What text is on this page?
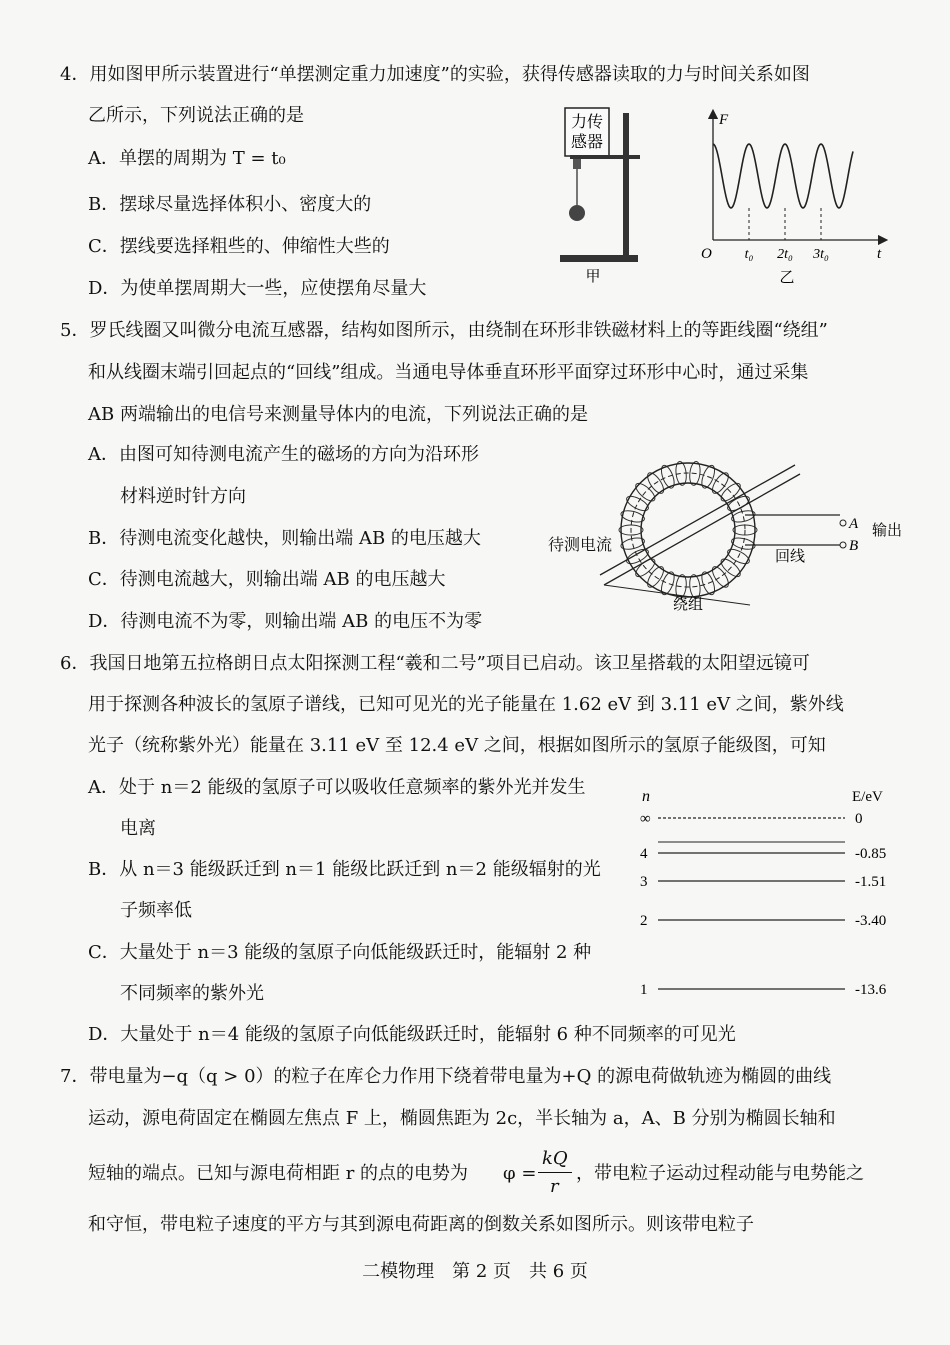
4．用如图甲所示装置进行“单摆测定重力加速度”的实验，获得传感器读取的力与时间关系如图
乙所示，下列说法正确的是
A．单摆的周期为 T = t₀
B．摆球尽量选择体积小、密度大的
C．摆线要选择粗些的、伸缩性大些的
D．为使单摆周期大一些，应使摆角尽量大
力传
感器
甲
F
t
O t₀ 2t₀ 3t₀
乙
5．罗氏线圈又叫微分电流互感器，结构如图所示，由绕制在环形非铁磁材料上的等距线圈“绕组”
和从线圈末端引回起点的“回线”组成。当通电导体垂直环形平面穿过环形中心时，通过采集
AB 两端输出的电信号来测量导体内的电流，下列说法正确的是
A．由图可知待测电流产生的磁场的方向为沿环形
材料逆时针方向
B．待测电流变化越快，则输出端 AB 的电压越大
C．待测电流越大，则输出端 AB 的电压越大
D．待测电流不为零，则输出端 AB 的电压不为零
A
B
输出
回线
绕组
待测电流
6．我国日地第五拉格朗日点太阳探测工程“羲和二号”项目已启动。该卫星搭载的太阳望远镜可
用于探测各种波长的氢原子谱线，已知可见光的光子能量在 1.62 eV 到 3.11 eV 之间，紫外线
光子（统称紫外光）能量在 3.11 eV 至 12.4 eV 之间，根据如图所示的氢原子能级图，可知
A．处于 n＝2 能级的氢原子可以吸收任意频率的紫外光并发生
电离
B．从 n＝3 能级跃迁到 n＝1 能级比跃迁到 n＝2 能级辐射的光
子频率低
C．大量处于 n＝3 能级的氢原子向低能级跃迁时，能辐射 2 种
不同频率的紫外光
D．大量处于 n＝4 能级的氢原子向低能级跃迁时，能辐射 6 种不同频率的可见光
n	E/eV
∞	0
4	-0.85
3	-1.51
2	-3.40
1	-13.6
7．带电量为−q（q > 0）的粒子在库仑力作用下绕着带电量为+Q 的源电荷做轨迹为椭圆的曲线
运动，源电荷固定在椭圆左焦点 F 上，椭圆焦距为 2c，半长轴为 a，A、B 分别为椭圆长轴和
短轴的端点。已知与源电荷相距 r 的点的电势为 φ =
kQ
r
，带电粒子运动过程动能与电势能之
和守恒，带电粒子速度的平方与其到源电荷距离的倒数关系如图所示。则该带电粒子
二模物理　第 2 页　共 6 页
